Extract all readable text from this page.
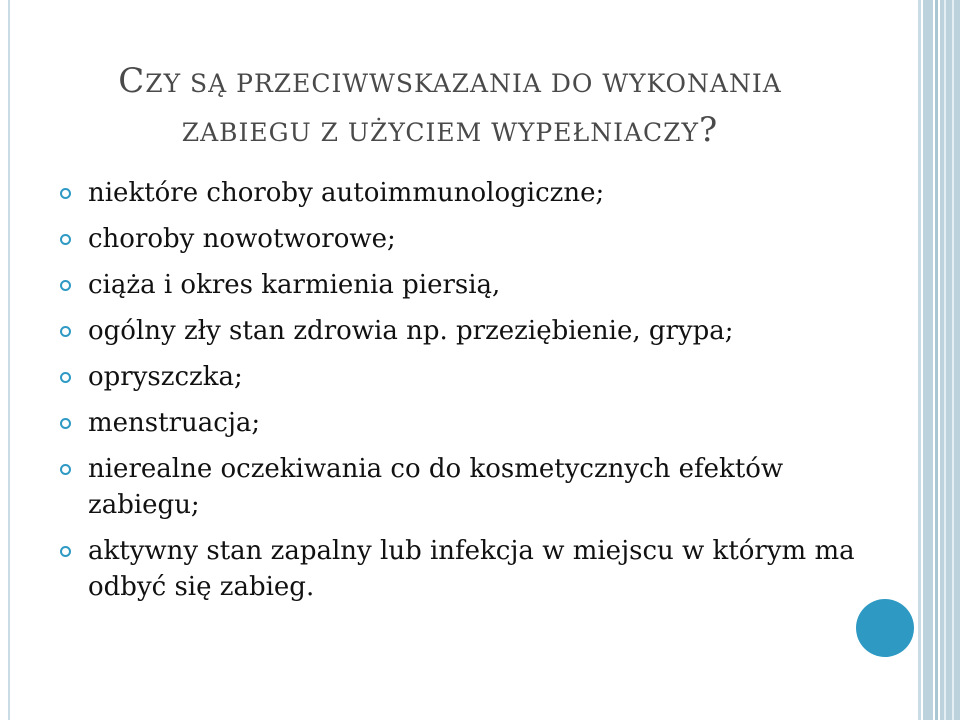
CZY SĄ PRZECIWWSKAZANIA DO WYKONANIA
ZABIEGU Z UŻYCIEM WYPEŁNIACZY?
niektóre choroby autoimmunologiczne;
choroby nowotworowe;
ciąża i okres karmienia piersią,
ogólny zły stan zdrowia np. przeziębienie, grypa;
opryszczka;
menstruacja;
nierealne oczekiwania co do kosmetycznych efektów zabiegu;
aktywny stan zapalny lub infekcja w miejscu w którym ma odbyć się zabieg.
